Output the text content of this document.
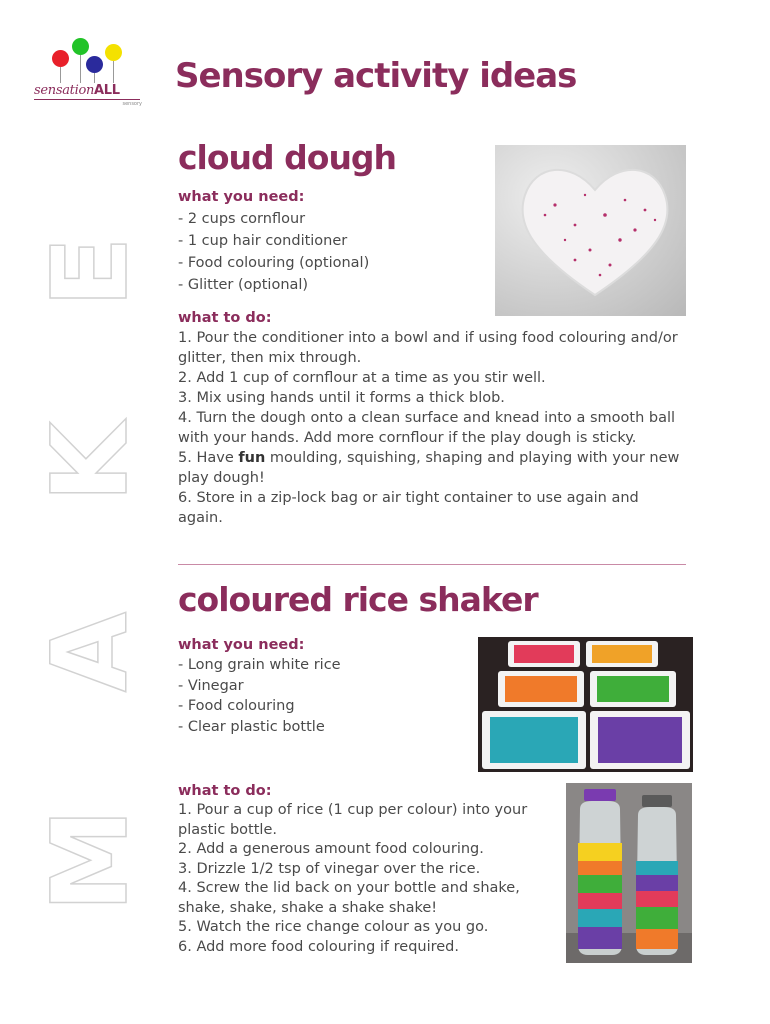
sensationALL
sensory
Sensory activity ideas
E
K
A
M
cloud dough

what you need:

- 2 cups cornflour
- 1 cup hair conditioner
- Food colouring (optional)
- Glitter (optional)

what to do:

1. Pour the conditioner into a bowl and if using food colouring and/or glitter, then mix through.
2. Add 1 cup of cornflour at a time as you stir well.
3. Mix using hands until it forms a thick blob.
4. Turn the dough onto a clean surface and knead into a smooth ball with your hands. Add more cornflour if the play dough is sticky.
5. Have fun moulding, squishing, shaping and playing with your new play dough!
6. Store in a zip-lock bag or air tight container to use again and again.
coloured rice shaker

what you need:

- Long grain white rice
- Vinegar
- Food colouring
- Clear plastic bottle

what to do:

1. Pour a cup of rice (1 cup per colour) into your plastic bottle.
2. Add a generous amount food colouring.
3. Drizzle 1/2 tsp of vinegar over the rice.
4. Screw the lid back on your bottle and shake, shake, shake, shake a shake shake!
5. Watch the rice change colour as you go.
6. Add more food colouring if required.
